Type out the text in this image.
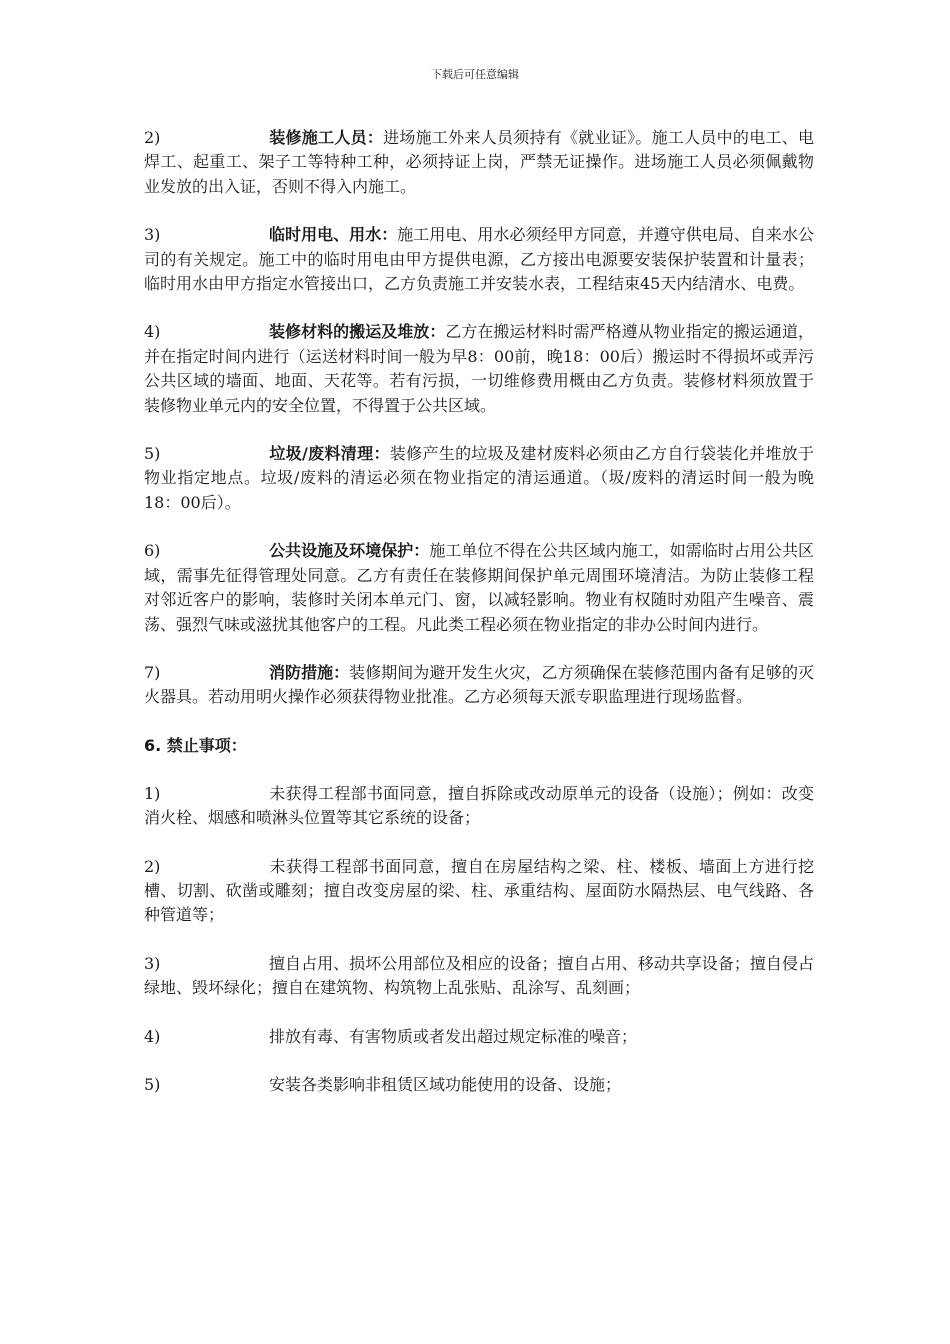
下载后可任意编辑

2)	装修施工人员：进场施工外来人员须持有《就业证》。施工人员中的电工、电焊工、起重工、架子工等特种工种，必须持证上岗，严禁无证操作。进场施工人员必须佩戴物业发放的出入证，否则不得入内施工。

3)	临时用电、用水：施工用电、用水必须经甲方同意，并遵守供电局、自来水公司的有关规定。施工中的临时用电由甲方提供电源，乙方接出电源要安装保护装置和计量表；临时用水由甲方指定水管接出口，乙方负责施工并安装水表，工程结束45天内结清水、电费。

4)	装修材料的搬运及堆放：乙方在搬运材料时需严格遵从物业指定的搬运通道，并在指定时间内进行（运送材料时间一般为早8：00前，晚18：00后）搬运时不得损坏或弄污公共区域的墙面、地面、天花等。若有污损，一切维修费用概由乙方负责。装修材料须放置于装修物业单元内的安全位置，不得置于公共区域。

5)	垃圾/废料清理：装修产生的垃圾及建材废料必须由乙方自行袋装化并堆放于物业指定地点。垃圾/废料的清运必须在物业指定的清运通道。（圾/废料的清运时间一般为晚18：00后）。

6)	公共设施及环境保护：施工单位不得在公共区域内施工，如需临时占用公共区域，需事先征得管理处同意。乙方有责任在装修期间保护单元周围环境清洁。为防止装修工程对邻近客户的影响，装修时关闭本单元门、窗，以减轻影响。物业有权随时劝阻产生噪音、震荡、强烈气味或滋扰其他客户的工程。凡此类工程必须在物业指定的非办公时间内进行。

7)	消防措施：装修期间为避开发生火灾，乙方须确保在装修范围内备有足够的灭火器具。若动用明火操作必须获得物业批准。乙方必须每天派专职监理进行现场监督。

6. 禁止事项：

1)	未获得工程部书面同意，擅自拆除或改动原单元的设备（设施）；例如：改变消火栓、烟感和喷淋头位置等其它系统的设备；

2)	未获得工程部书面同意，擅自在房屋结构之梁、柱、楼板、墙面上方进行挖槽、切割、砍凿或雕刻；擅自改变房屋的梁、柱、承重结构、屋面防水隔热层、电气线路、各种管道等；

3)	擅自占用、损坏公用部位及相应的设备；擅自占用、移动共享设备；擅自侵占绿地、毁坏绿化；擅自在建筑物、构筑物上乱张贴、乱涂写、乱刻画；

4)	排放有毒、有害物质或者发出超过规定标准的噪音；

5)	安装各类影响非租赁区域功能使用的设备、设施；
